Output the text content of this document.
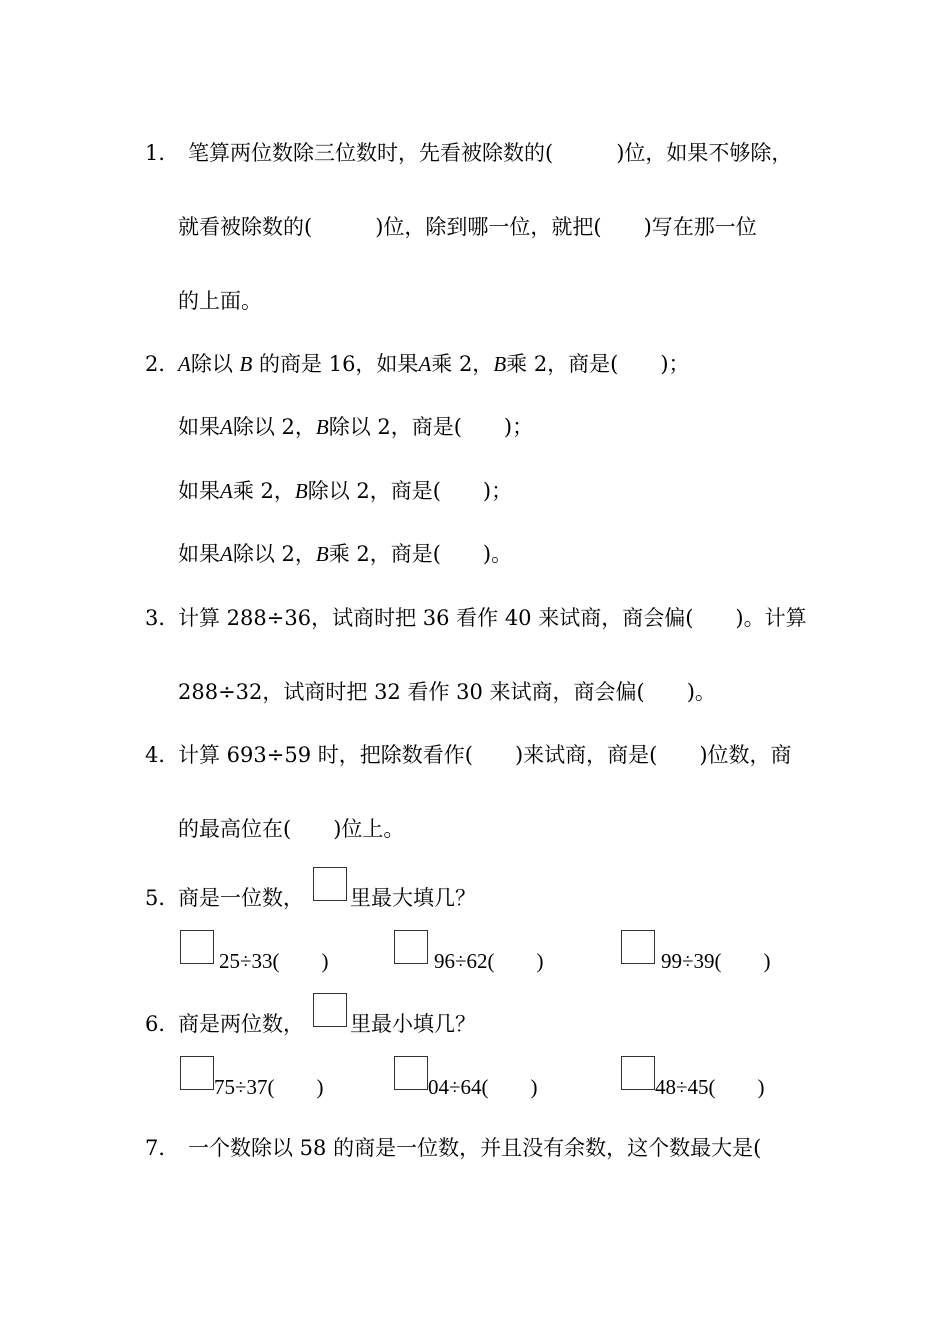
1． 笔算两位数除三位数时，先看被除数的(　　　)位，如果不够除，
就看被除数的(　　　)位，除到哪一位，就把(　　)写在那一位
的上面。
2．
A除以 B 的商是 16，如果A乘 2，B乘 2，商是(　　)；
如果A除以 2，B除以 2，商是(　　)；
如果A乘 2，B除以 2，商是(　　)；
如果A除以 2，B乘 2，商是(　　)。
3．
计算 288÷36，试商时把 36 看作 40 来试商，商会偏(　　)。计算
288÷32，试商时把 32 看作 30 来试商，商会偏(　　)。
4．
计算 693÷59 时，把除数看作(　　)来试商，商是(　　)位数，商
的最高位在(　　)位上。
5．
商是一位数， 里最大填几？
25÷33(　　)	96÷62(　　)	99÷39(　　)
6．
商是两位数， 里最小填几？
75÷37(　　)	04÷64(　　)	48÷45(　　)
7． 一个数除以 58 的商是一位数，并且没有余数，这个数最大是(
